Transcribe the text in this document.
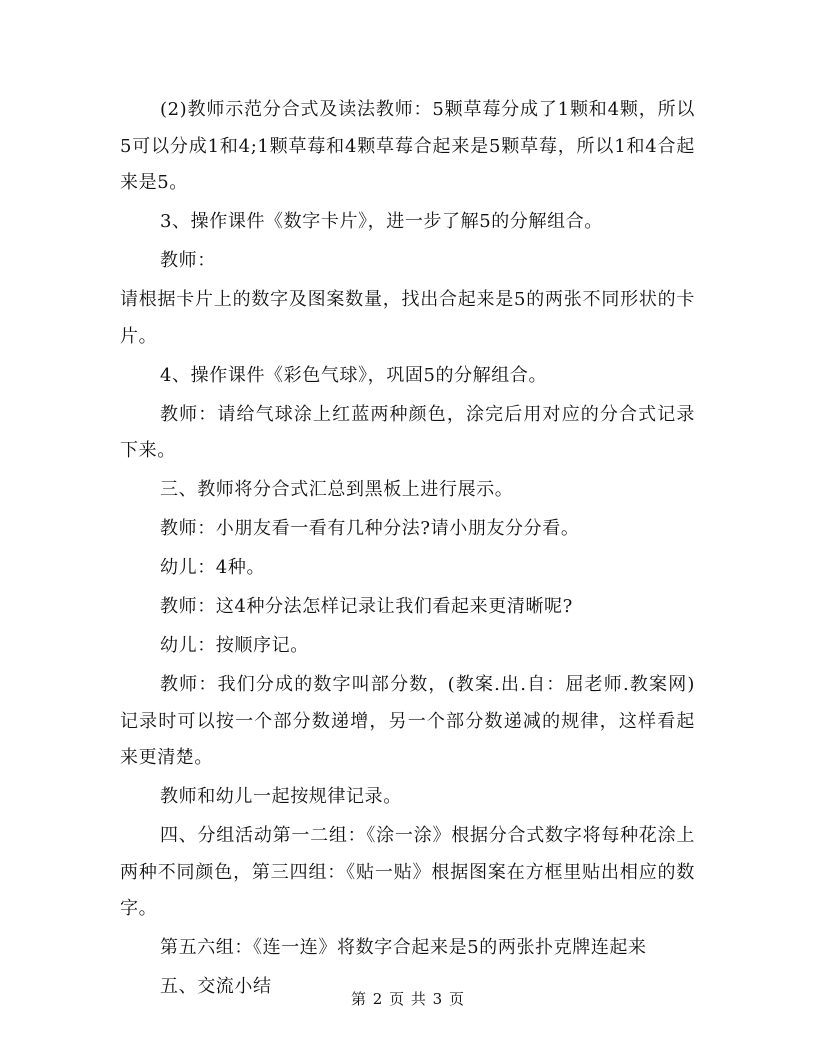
(2)教师示范分合式及读法教师：5颗草莓分成了1颗和4颗，所以5可以分成1和4;1颗草莓和4颗草莓合起来是5颗草莓，所以1和4合起来是5。

3、操作课件《数字卡片》，进一步了解5的分解组合。

教师：

请根据卡片上的数字及图案数量，找出合起来是5的两张不同形状的卡片。

4、操作课件《彩色气球》，巩固5的分解组合。

教师：请给气球涂上红蓝两种颜色，涂完后用对应的分合式记录下来。

三、教师将分合式汇总到黑板上进行展示。

教师：小朋友看一看有几种分法?请小朋友分分看。

幼儿：4种。

教师：这4种分法怎样记录让我们看起来更清晰呢?

幼儿：按顺序记。

教师：我们分成的数字叫部分数，(教案.出.自：屈老师.教案网)记录时可以按一个部分数递增，另一个部分数递减的规律，这样看起来更清楚。

教师和幼儿一起按规律记录。

四、分组活动第一二组：《涂一涂》根据分合式数字将每种花涂上两种不同颜色，第三四组：《贴一贴》根据图案在方框里贴出相应的数字。

第五六组：《连一连》将数字合起来是5的两张扑克牌连起来

五、交流小结

第 2 页 共 3 页
